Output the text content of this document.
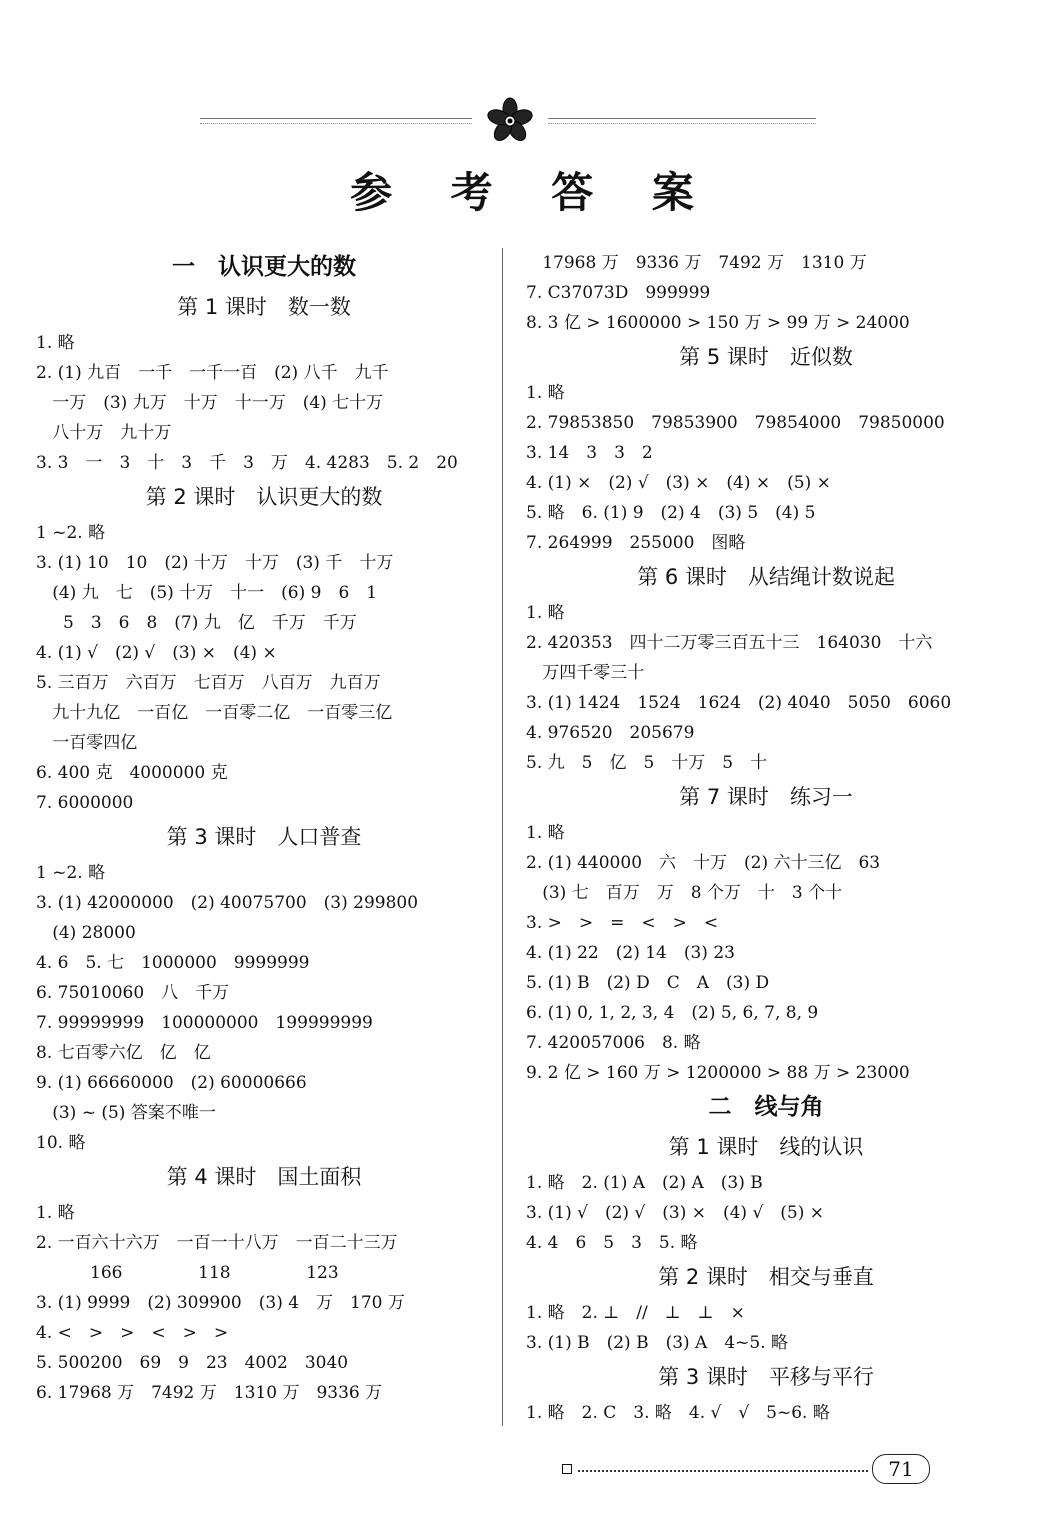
参 考 答 案
一　认识更大的数
第 1 课时　数一数
1. 略
2. (1) 九百　一千　一千一百　(2) 八千　九千
一万　(3) 九万　十万　十一万　(4) 七十万
八十万　九十万
3. 3　一　3　十　3　千　3　万　4. 4283　5. 2　20
第 2 课时　认识更大的数
1 ~2. 略
3. (1) 10　10　(2) 十万　十万　(3) 千　十万
(4) 九　七　(5) 十万　十一　(6) 9　6　1
5　3　6　8　(7) 九　亿　千万　千万
4. (1) √　(2) √　(3) ×　(4) ×
5. 三百万　六百万　七百万　八百万　九百万
九十九亿　一百亿　一百零二亿　一百零三亿
一百零四亿
6. 400 克　4000000 克
7. 6000000
第 3 课时　人口普查
1 ~2. 略
3. (1) 42000000　(2) 40075700　(3) 299800
(4) 28000
4. 6　5. 七　1000000　9999999
6. 75010060　八　千万
7. 99999999　100000000　199999999
8. 七百零六亿　亿　亿
9. (1) 66660000　(2) 60000666
(3) ~ (5) 答案不唯一
10. 略
第 4 课时　国土面积
1. 略
2. 一百六十六万　一百一十八万　一百二十三万
166              118              123
3. (1) 9999　(2) 309900　(3) 4　万　170 万
4. <　>　>　<　>　>
5. 500200　69　9　23　4002　3040
6. 17968 万　7492 万　1310 万　9336 万
17968 万　9336 万　7492 万　1310 万
7. C37073D　999999
8. 3 亿 > 1600000 > 150 万 > 99 万 > 24000
第 5 课时　近似数
1. 略
2. 79853850　79853900　79854000　79850000
3. 14　3　3　2
4. (1) ×　(2) √　(3) ×　(4) ×　(5) ×
5. 略　6. (1) 9　(2) 4　(3) 5　(4) 5
7. 264999　255000　图略
第 6 课时　从结绳计数说起
1. 略
2. 420353　四十二万零三百五十三　164030　十六
万四千零三十
3. (1) 1424　1524　1624　(2) 4040　5050　6060
4. 976520　205679
5. 九　5　亿　5　十万　5　十
第 7 课时　练习一
1. 略
2. (1) 440000　六　十万　(2) 六十三亿　63
(3) 七　百万　万　8 个万　十　3 个十
3. >　>　=　<　>　<
4. (1) 22　(2) 14　(3) 23
5. (1) B　(2) D　C　A　(3) D
6. (1) 0, 1, 2, 3, 4　(2) 5, 6, 7, 8, 9
7. 420057006　8. 略
9. 2 亿 > 160 万 > 1200000 > 88 万 > 23000
二　线与角
第 1 课时　线的认识
1. 略　2. (1) A　(2) A　(3) B
3. (1) √　(2) √　(3) ×　(4) √　(5) ×
4. 4　6　5　3　5. 略
第 2 课时　相交与垂直
1. 略　2. ⊥　//　⊥　⊥　×
3. (1) B　(2) B　(3) A　4~5. 略
第 3 课时　平移与平行
1. 略　2. C　3. 略　4. √　√　5~6. 略
71
